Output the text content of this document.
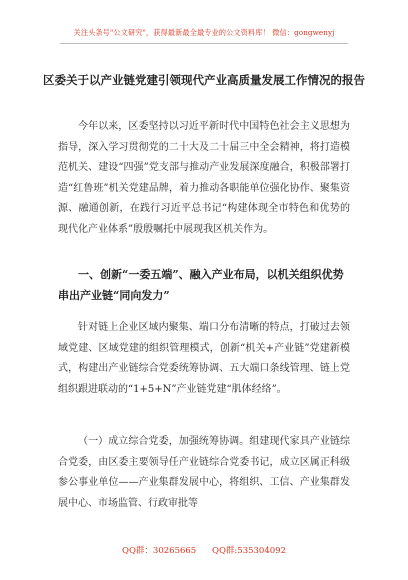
关注头条号"公文研究"，获得最新最全最专业的公文资料库！ 微信：gongwenyj
区委关于以产业链党建引领现代产业高质量发展工作情况的报告

今年以来，区委坚持以习近平新时代中国特色社会主义思想为指导，深入学习贯彻党的二十大及二十届三中全会精神，将打造模范机关、建设“四强”党支部与推动产业发展深度融合，积极部署打造“红鲁班”机关党建品牌，着力推动各职能单位强化协作、聚集资源、融通创新，在践行习近平总书记“构建体现全市特色和优势的现代化产业体系”殷殷嘱托中展现我区机关作为。

一、创新“一委五端”、融入产业布局，以机关组织优势串出产业链“同向发力”

针对链上企业区域内聚集、端口分布清晰的特点，打破过去领域党建、区域党建的组织管理模式，创新“机关+产业链”党建新模式，构建出产业链综合党委统筹协调、五大端口条线管理、链上党组织跟进联动的“1+5+N”产业链党建“肌体经络”。

（一）成立综合党委，加强统筹协调。组建现代家具产业链综合党委，由区委主要领导任产业链综合党委书记，成立区属正科级参公事业单位——产业集群发展中心，将组织、工信、产业集群发展中心、市场监管、行政审批等

QQ群：30265665 QQ群:535304092
